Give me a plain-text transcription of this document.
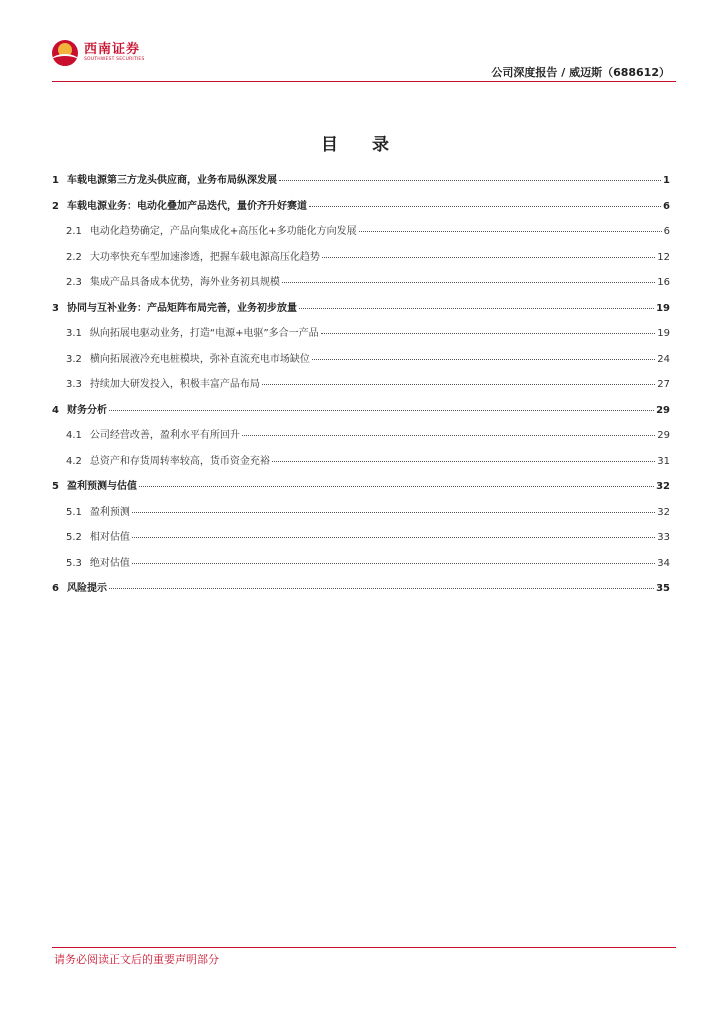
西南证券
SOUTHWEST SECURITIES
公司深度报告 / 威迈斯（688612）
目 录
1 车载电源第三方龙头供应商，业务布局纵深发展	1
2 车载电源业务：电动化叠加产品迭代，量价齐升好赛道	6
2.1 电动化趋势确定，产品向集成化+高压化+多功能化方向发展	6
2.2 大功率快充车型加速渗透，把握车载电源高压化趋势	12
2.3 集成产品具备成本优势，海外业务初具规模	16
3 协同与互补业务：产品矩阵布局完善，业务初步放量	19
3.1 纵向拓展电驱动业务，打造“电源+电驱”多合一产品	19
3.2 横向拓展液冷充电桩模块，弥补直流充电市场缺位	24
3.3 持续加大研发投入，积极丰富产品布局	27
4 财务分析	29
4.1 公司经营改善，盈利水平有所回升	29
4.2 总资产和存货周转率较高，货币资金充裕	31
5 盈利预测与估值	32
5.1 盈利预测	32
5.2 相对估值	33
5.3 绝对估值	34
6 风险提示	35
请务必阅读正文后的重要声明部分
